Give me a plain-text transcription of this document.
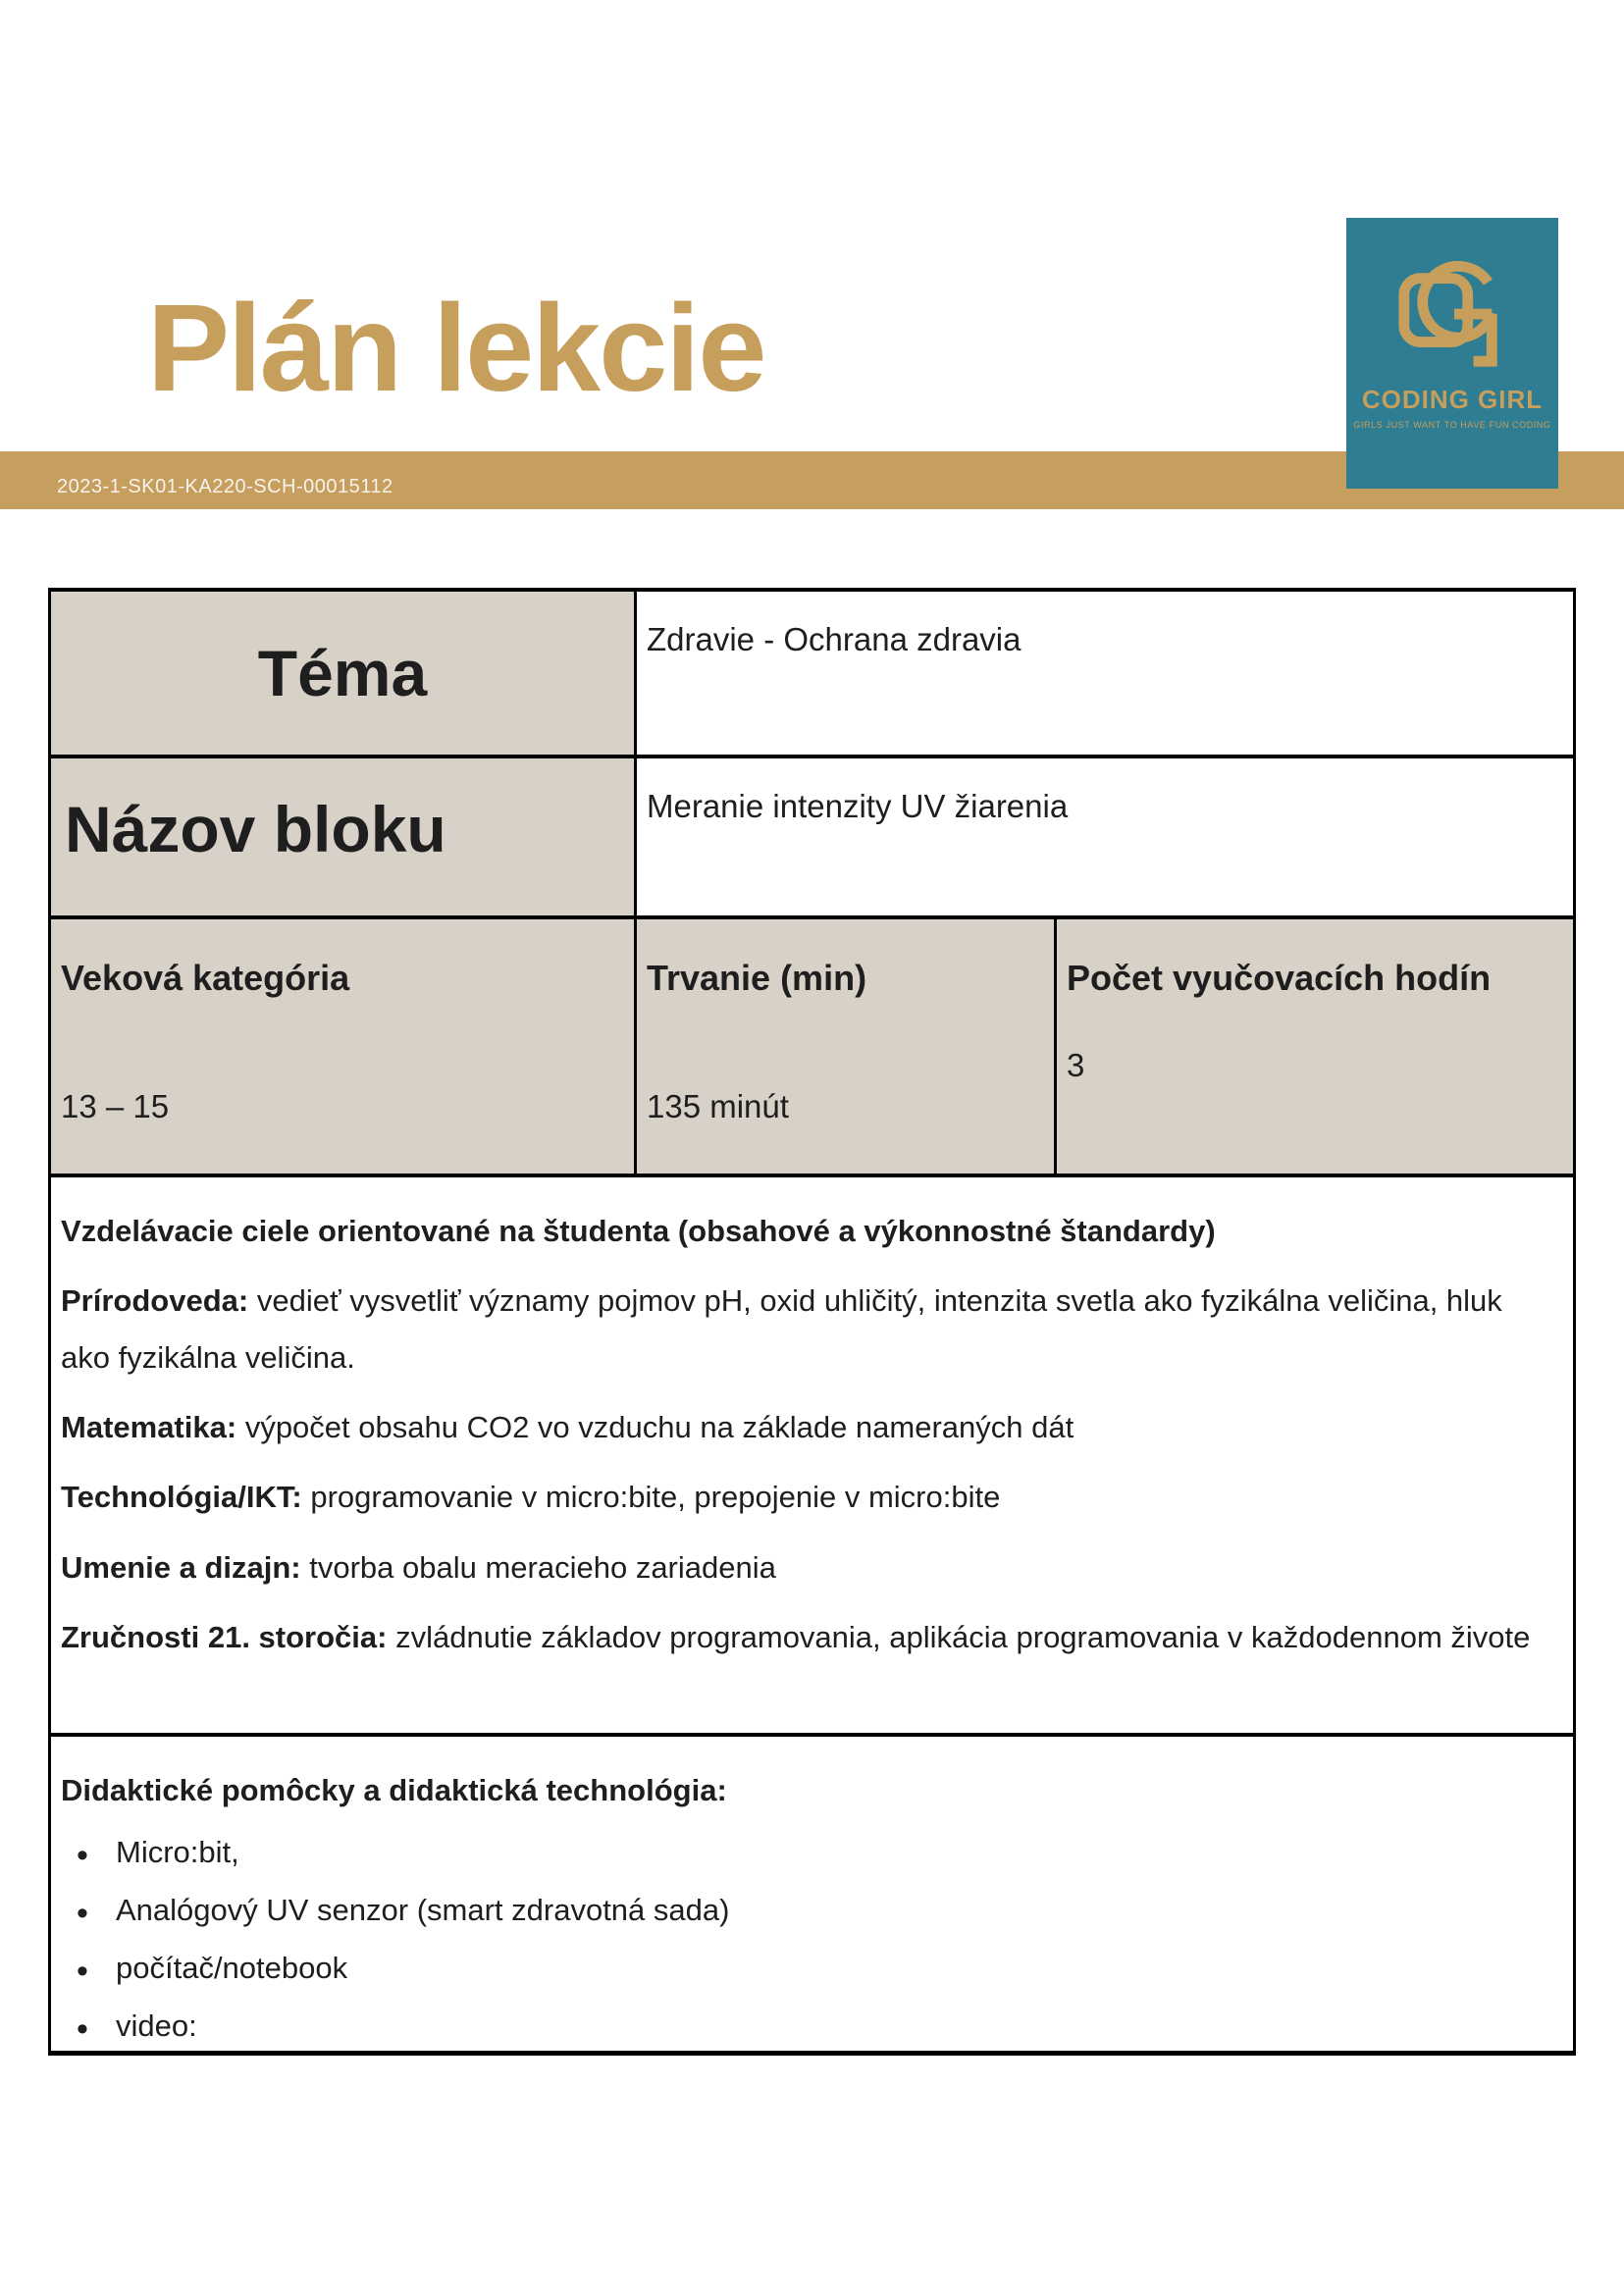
Plán lekcie
2023-1-SK01-KA220-SCH-00015112
CODING GIRL
GIRLS JUST WANT TO HAVE FUN CODING
Téma	Zdravie - Ochrana zdravia
Názov bloku	Meranie intenzity UV žiarenia
Veková kategória
13 – 15
Trvanie (min)
135 minút
Počet vyučovacích hodín
3
Vzdelávacie ciele orientované na študenta (obsahové a výkonnostné štandardy)

Prírodoveda: vedieť vysvetliť významy pojmov pH, oxid uhličitý, intenzita svetla ako fyzikálna veličina, hluk ako fyzikálna veličina.

Matematika: výpočet obsahu CO2 vo vzduchu na základe nameraných dát

Technológia/IKT: programovanie v micro:bite, prepojenie v micro:bite

Umenie a dizajn: tvorba obalu meracieho zariadenia

Zručnosti 21. storočia: zvládnutie základov programovania, aplikácia programovania v každodennom živote

Didaktické pomôcky a didaktická technológia:
• Micro:bit,
• Analógový UV senzor (smart zdravotná sada)
• počítač/notebook
• video:
